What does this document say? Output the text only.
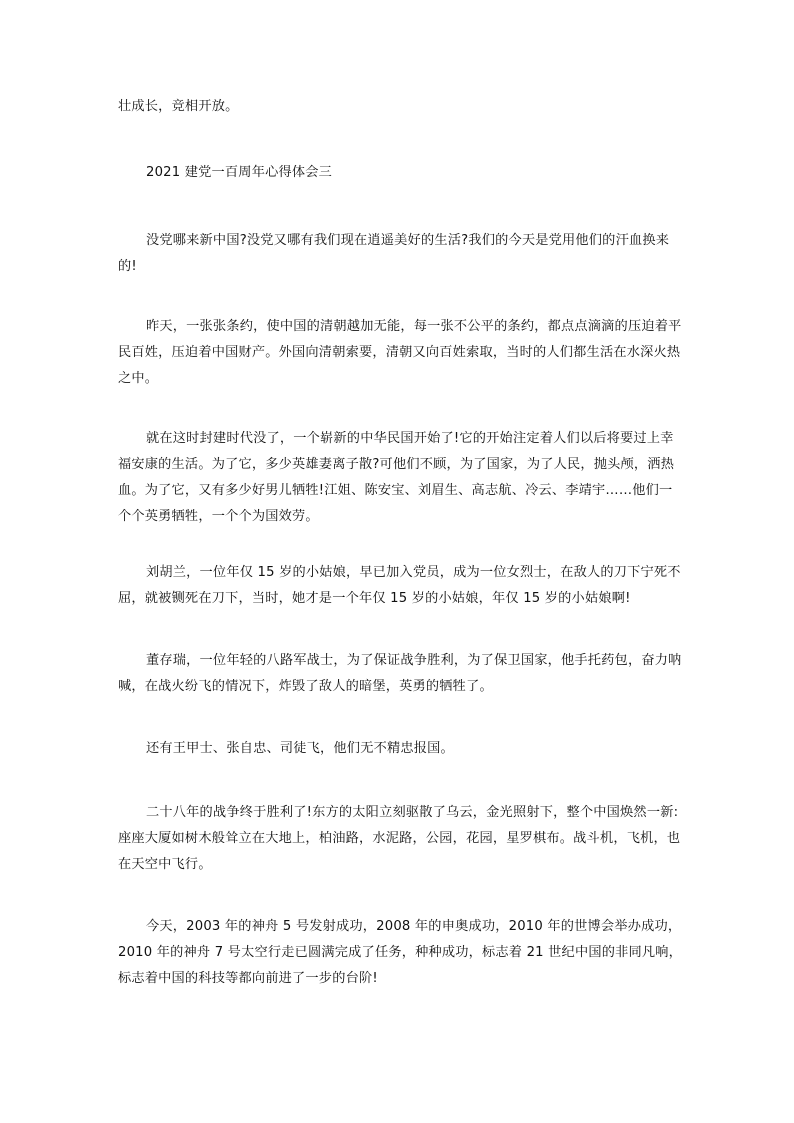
壮成长，竞相开放。

2021 建党一百周年心得体会三

没党哪来新中国?没党又哪有我们现在逍遥美好的生活?我们的今天是党用他们的汗血换来的!

昨天，一张张条约，使中国的清朝越加无能，每一张不公平的条约，都点点滴滴的压迫着平民百姓，压迫着中国财产。外国向清朝索要，清朝又向百姓索取，当时的人们都生活在水深火热之中。

就在这时封建时代没了，一个崭新的中华民国开始了!它的开始注定着人们以后将要过上幸福安康的生活。为了它，多少英雄妻离子散?可他们不顾，为了国家，为了人民，抛头颅，洒热血。为了它，又有多少好男儿牺牲!江姐、陈安宝、刘眉生、高志航、冷云、李靖宇……他们一个个英勇牺牲，一个个为国效劳。

刘胡兰，一位年仅 15 岁的小姑娘，早已加入党员，成为一位女烈士，在敌人的刀下宁死不屈，就被铡死在刀下，当时，她才是一个年仅 15 岁的小姑娘，年仅 15 岁的小姑娘啊!

董存瑞，一位年轻的八路军战士，为了保证战争胜利，为了保卫国家，他手托药包，奋力呐喊，在战火纷飞的情况下，炸毁了敌人的暗堡，英勇的牺牲了。

还有王甲士、张自忠、司徒飞，他们无不精忠报国。

二十八年的战争终于胜利了!东方的太阳立刻驱散了乌云，金光照射下，整个中国焕然一新: 座座大厦如树木般耸立在大地上，柏油路，水泥路，公园，花园，星罗棋布。战斗机，飞机，也在天空中飞行。

今天，2003 年的神舟 5 号发射成功，2008 年的申奥成功，2010 年的世博会举办成功，2010 年的神舟 7 号太空行走已圆满完成了任务，种种成功，标志着 21 世纪中国的非同凡响，标志着中国的科技等都向前进了一步的台阶!
